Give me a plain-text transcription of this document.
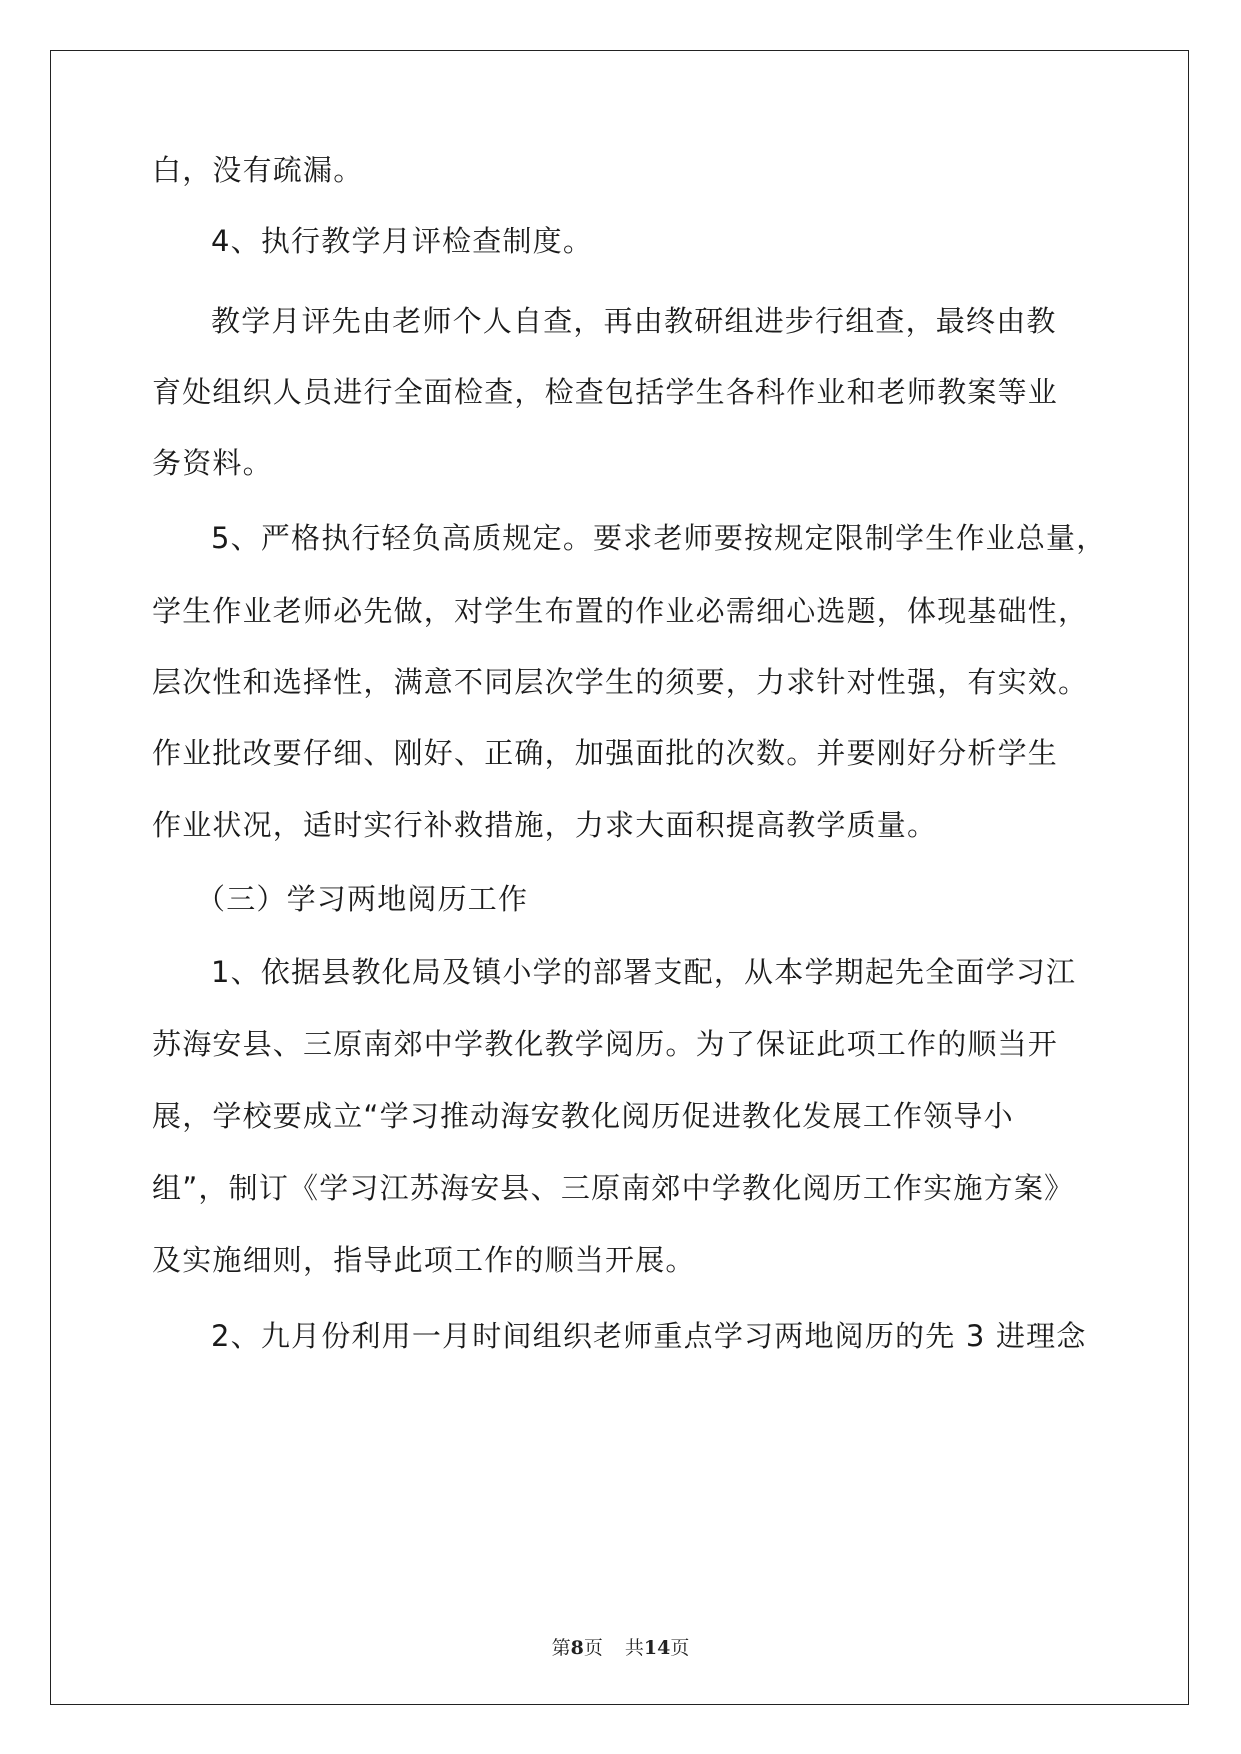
白，没有疏漏。
4、执行教学月评检查制度。
教学月评先由老师个人自查，再由教研组进步行组查，最终由教
育处组织人员进行全面检查，检查包括学生各科作业和老师教案等业
务资料。
5、严格执行轻负高质规定。要求老师要按规定限制学生作业总量，
学生作业老师必先做，对学生布置的作业必需细心选题，体现基础性，
层次性和选择性，满意不同层次学生的须要，力求针对性强，有实效。
作业批改要仔细、刚好、正确，加强面批的次数。并要刚好分析学生
作业状况，适时实行补救措施，力求大面积提高教学质量。
（三）学习两地阅历工作
1、依据县教化局及镇小学的部署支配，从本学期起先全面学习江
苏海安县、三原南郊中学教化教学阅历。为了保证此项工作的顺当开
展，学校要成立“学习推动海安教化阅历促进教化发展工作领导小
组”，制订《学习江苏海安县、三原南郊中学教化阅历工作实施方案》
及实施细则，指导此项工作的顺当开展。
2、九月份利用一月时间组织老师重点学习两地阅历的先 3 进理念
第8页 共14页
